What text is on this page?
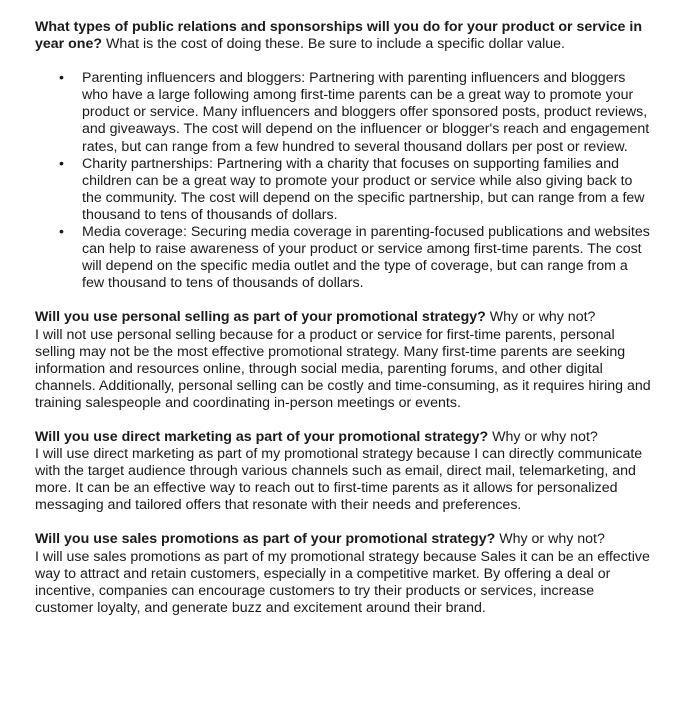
What types of public relations and sponsorships will you do for your product or service in year one? What is the cost of doing these. Be sure to include a specific dollar value.

• Parenting influencers and bloggers: Partnering with parenting influencers and bloggers who have a large following among first-time parents can be a great way to promote your product or service. Many influencers and bloggers offer sponsored posts, product reviews, and giveaways. The cost will depend on the influencer or blogger's reach and engagement rates, but can range from a few hundred to several thousand dollars per post or review.
• Charity partnerships: Partnering with a charity that focuses on supporting families and children can be a great way to promote your product or service while also giving back to the community. The cost will depend on the specific partnership, but can range from a few thousand to tens of thousands of dollars.
• Media coverage: Securing media coverage in parenting-focused publications and websites can help to raise awareness of your product or service among first-time parents. The cost will depend on the specific media outlet and the type of coverage, but can range from a few thousand to tens of thousands of dollars.

Will you use personal selling as part of your promotional strategy? Why or why not?

I will not use personal selling because for a product or service for first-time parents, personal selling may not be the most effective promotional strategy. Many first-time parents are seeking information and resources online, through social media, parenting forums, and other digital channels. Additionally, personal selling can be costly and time-consuming, as it requires hiring and training salespeople and coordinating in-person meetings or events.

Will you use direct marketing as part of your promotional strategy? Why or why not?

I will use direct marketing as part of my promotional strategy because I can directly communicate with the target audience through various channels such as email, direct mail, telemarketing, and more. It can be an effective way to reach out to first-time parents as it allows for personalized messaging and tailored offers that resonate with their needs and preferences.

Will you use sales promotions as part of your promotional strategy? Why or why not?

I will use sales promotions as part of my promotional strategy because Sales it can be an effective way to attract and retain customers, especially in a competitive market. By offering a deal or incentive, companies can encourage customers to try their products or services, increase customer loyalty, and generate buzz and excitement around their brand.
